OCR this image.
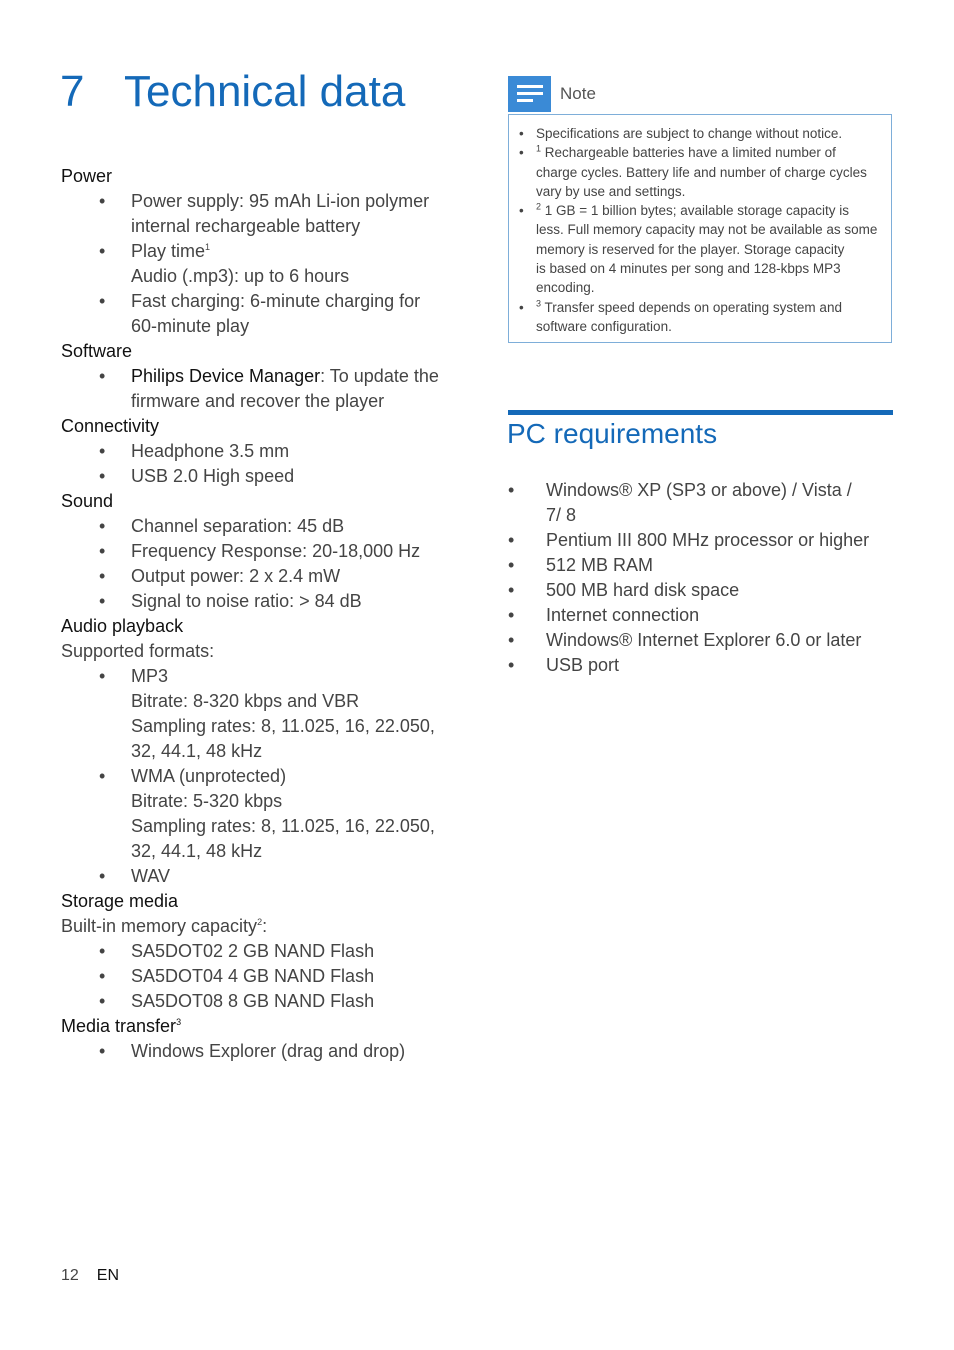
7 Technical data
Power
• Power supply: 95 mAh Li-ion polymer
internal rechargeable battery
• Play time$^1$
Audio (.mp3): up to 6 hours
• Fast charging: 6-minute charging for
60-minute play
Software
• Philips Device Manager: To update the
firmware and recover the player
Connectivity
• Headphone 3.5 mm
• USB 2.0 High speed
Sound
• Channel separation: 45 dB
• Frequency Response: 20-18,000 Hz
• Output power: 2 x 2.4 mW
• Signal to noise ratio: > 84 dB
Audio playback
Supported formats:
• MP3
Bitrate: 8-320 kbps and VBR
Sampling rates: 8, 11.025, 16, 22.050,
32, 44.1, 48 kHz
• WMA (unprotected)
Bitrate: 5-320 kbps
Sampling rates: 8, 11.025, 16, 22.050,
32, 44.1, 48 kHz
• WAV
Storage media
Built-in memory capacity$^2$:
• SA5DOT02 2 GB NAND Flash
• SA5DOT04 4 GB NAND Flash
• SA5DOT08 8 GB NAND Flash
Media transfer$^3$
• Windows Explorer (drag and drop)
Note
• Specifications are subject to change without notice.
• $^1$ Rechargeable batteries have a limited number of
charge cycles. Battery life and number of charge cycles
vary by use and settings.
• $^2$ 1 GB = 1 billion bytes; available storage capacity is
less. Full memory capacity may not be available as some
memory is reserved for the player. Storage capacity
is based on 4 minutes per song and 128-kbps MP3
encoding.
• $^3$ Transfer speed depends on operating system and
software configuration.
PC requirements
• Windows® XP (SP3 or above) / Vista /
7/ 8
• Pentium III 800 MHz processor or higher
• 512 MB RAM
• 500 MB hard disk space
• Internet connection
• Windows® Internet Explorer 6.0 or later
• USB port
12 EN
